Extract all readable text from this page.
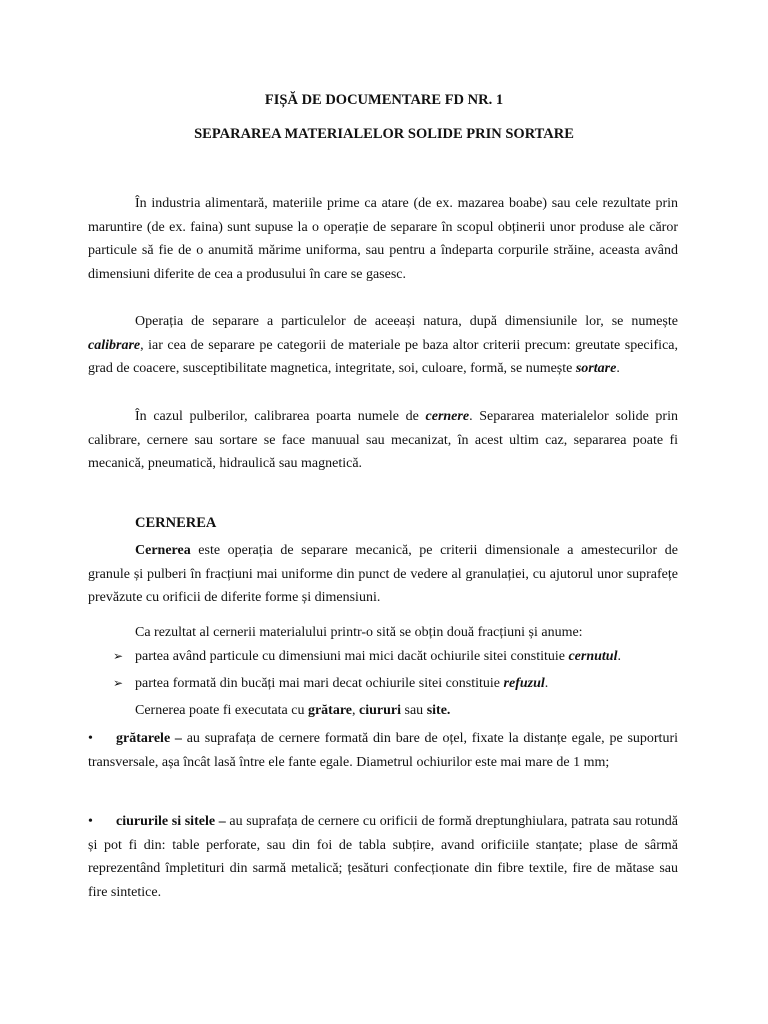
FIȘĂ DE DOCUMENTARE FD NR. 1
SEPARAREA MATERIALELOR SOLIDE PRIN SORTARE

În industria alimentară, materiile prime ca atare (de ex. mazarea boabe) sau cele rezultate prin maruntire (de ex. faina) sunt supuse la o operație de separare în scopul obținerii unor produse ale căror particule să fie de o anumită mărime uniforma, sau pentru a îndeparta corpurile străine, aceasta având dimensiuni diferite de cea a produsului în care se gasesc.

Operația de separare a particulelor de aceeași natura, după dimensiunile lor, se numește calibrare, iar cea de separare pe categorii de materiale pe baza altor criterii precum: greutate specifica, grad de coacere, susceptibilitate magnetica, integritate, soi, culoare, formă, se numește sortare.

În cazul pulberilor, calibrarea poarta numele de cernere. Separarea materialelor solide prin calibrare, cernere sau sortare se face manuual sau mecanizat, în acest ultim caz, separarea poate fi mecanică, pneumatică, hidraulică sau magnetică.

CERNEREA

Cernerea este operația de separare mecanică, pe criterii dimensionale a amestecurilor de granule și pulberi în fracțiuni mai uniforme din punct de vedere al granulației, cu ajutorul unor suprafețe prevăzute cu orificii de diferite forme și dimensiuni.

Ca rezultat al cernerii materialului printr-o sită se obțin două fracțiuni și anume:

➢ partea având particule cu dimensiuni mai mici dacăt ochiurile sitei constituie cernutul.
➢ partea formată din bucăți mai mari decat ochiurile sitei constituie refuzul.

Cernerea poate fi executata cu grătare, ciururi sau site.

• grătarele – au suprafața de cernere formată din bare de oțel, fixate la distanțe egale, pe suporturi transversale, așa încât lasă între ele fante egale. Diametrul ochiurilor este mai mare de 1 mm;

• ciururile si sitele – au suprafața de cernere cu orificii de formă dreptunghiulara, patrata sau rotundă și pot fi din: table perforate, sau din foi de tabla subțire, avand orificiile stanțate; plase de sârmă reprezentând împletituri din sarmă metalică; țesături confecționate din fibre textile, fire de mătase sau fire sintetice.
